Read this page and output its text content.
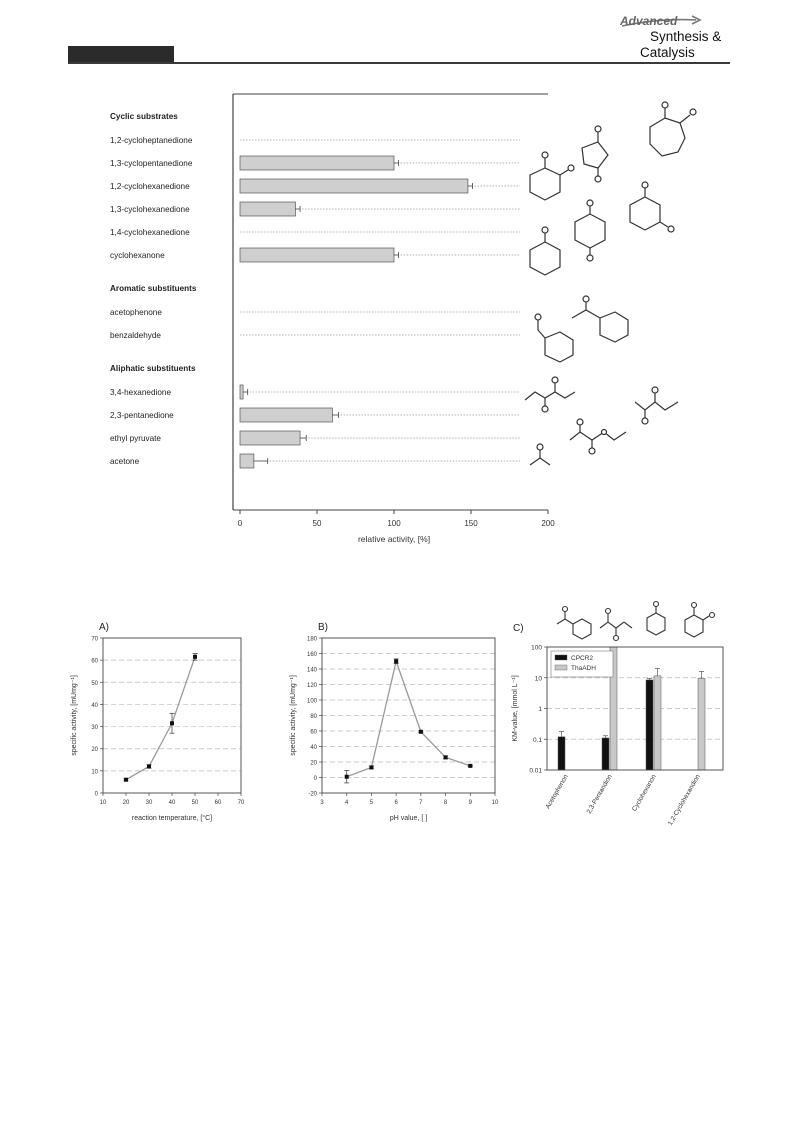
Advanced
Synthesis &
Catalysis
0	50	100	150	200
relative activity, [%]
Cyclic substrates
1,2-cycloheptanedione
1,3-cyclopentanedione
1,2-cyclohexanedione
1,3-cyclohexanedione
1,4-cyclohexanedione
cyclohexanone
Aromatic substituents
acetophenone
benzaldehyde
Aliphatic substituents
3,4-hexanedione
2,3-pentanedione
ethyl pyruvate
acetone
A)
0
10
20
30
40
50
60
70
10	20	30	40	50	60	70
reaction temperature, [°C]
specific activity, [mUmg⁻¹]
B)
-20
0
20
40
60
80
100
120
140
160
180
3	4	5	6	7	8	9	10
pH value, [ ]
specific activity, [mUmg⁻¹]
C)
0.01
0.1
1
10
100
Acetophenon 2,3-Pentandion	Cyclohexanon 1,2-Cyclohexandion
KM-value, [mmol L⁻¹]
CPCR2
ThaADH
